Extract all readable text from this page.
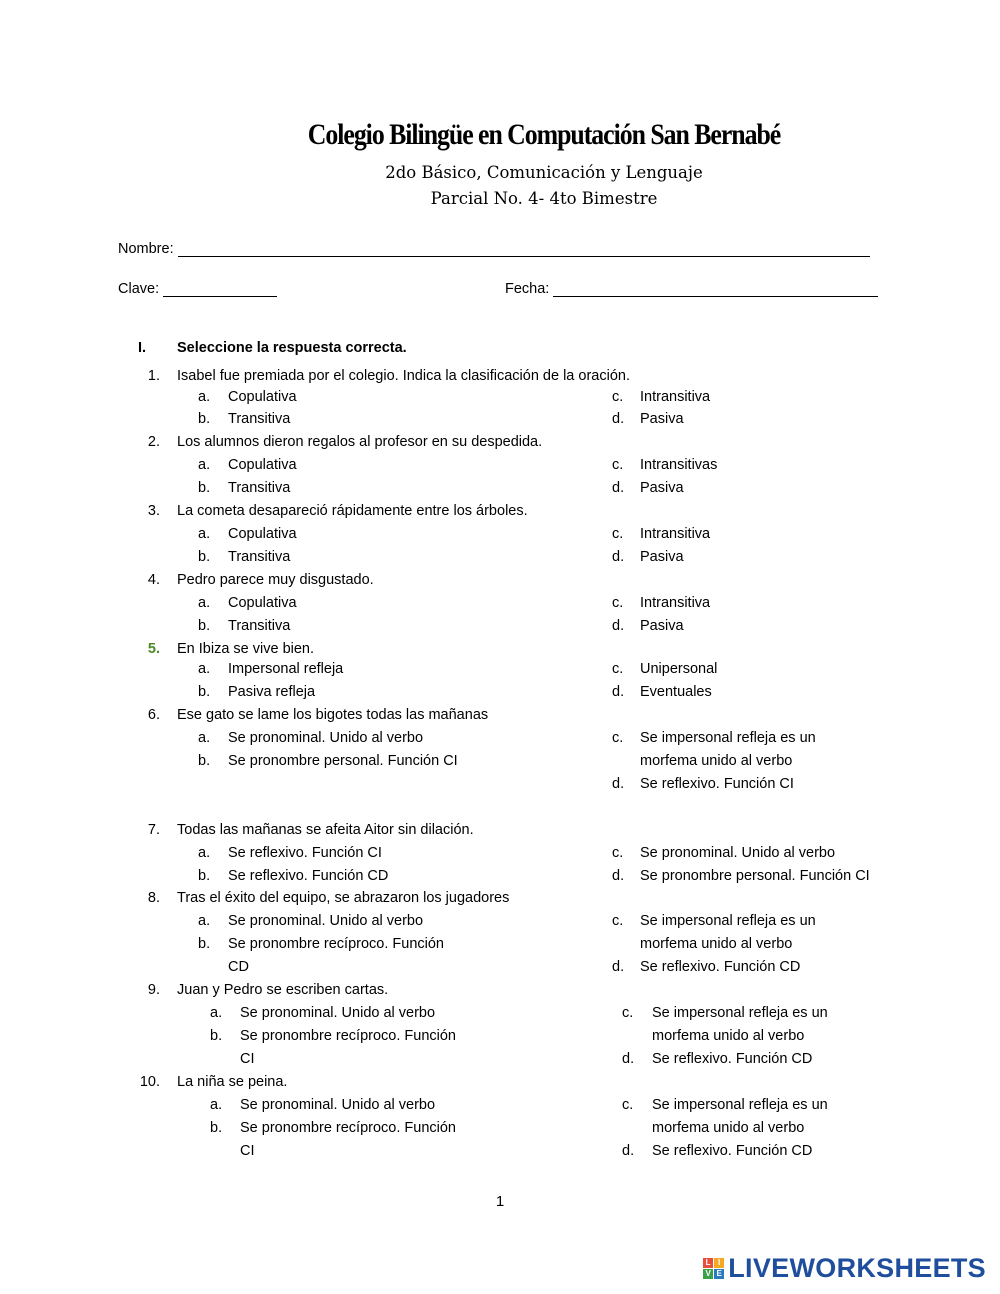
Colegio Bilingüe en Computación San Bernabé
2do Básico, Comunicación y Lenguaje
Parcial No. 4- 4to Bimestre
Nombre:
Clave:	Fecha:
I. Seleccione la respuesta correcta.
1. Isabel fue premiada por el colegio. Indica la clasificación de la oración.
a. Copulativa
b. Transitiva
c. Intransitiva
d. Pasiva
2. Los alumnos dieron regalos al profesor en su despedida.
a. Copulativa
b. Transitiva
c. Intransitivas
d. Pasiva
3. La cometa desapareció rápidamente entre los árboles.
a. Copulativa
b. Transitiva
c. Intransitiva
d. Pasiva
4. Pedro parece muy disgustado.
a. Copulativa
b. Transitiva
c. Intransitiva
d. Pasiva
5. En Ibiza se vive bien.
a. Impersonal refleja
b. Pasiva refleja
c. Unipersonal
d. Eventuales
6. Ese gato se lame los bigotes todas las mañanas
a. Se pronominal. Unido al verbo
b. Se pronombre personal. Función CI
c. Se impersonal refleja es un
morfema unido al verbo
d. Se reflexivo. Función CI
7. Todas las mañanas se afeita Aitor sin dilación.
a. Se reflexivo. Función CI
b. Se reflexivo. Función CD
c. Se pronominal. Unido al verbo
d. Se pronombre personal. Función CI
8. Tras el éxito del equipo, se abrazaron los jugadores
a. Se pronominal. Unido al verbo
b. Se pronombre recíproco. Función
CD
c. Se impersonal refleja es un
morfema unido al verbo
d. Se reflexivo. Función CD
9. Juan y Pedro se escriben cartas.
a. Se pronominal. Unido al verbo
b. Se pronombre recíproco. Función
CI
c. Se impersonal refleja es un
morfema unido al verbo
d. Se reflexivo. Función CD
10. La niña se peina.
a. Se pronominal. Unido al verbo
b. Se pronombre recíproco. Función
CI
c. Se impersonal refleja es un
morfema unido al verbo
d. Se reflexivo. Función CD
1
L I
V E LIVEWORKSHEETS
